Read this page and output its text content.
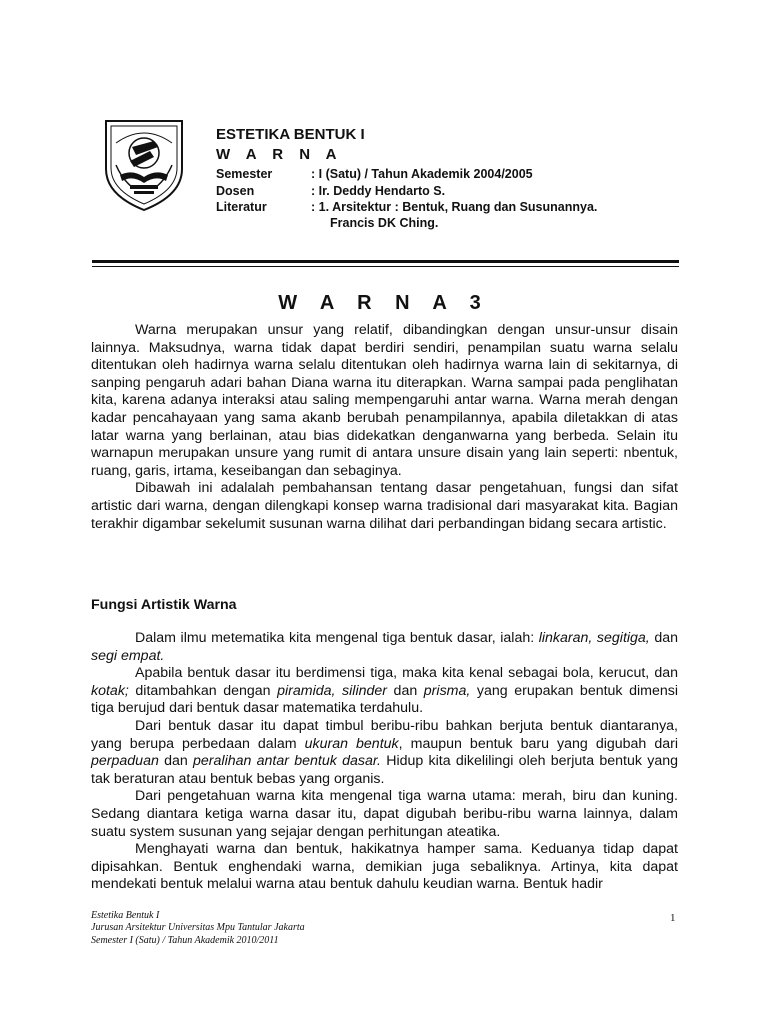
ESTETIKA BENTUK I
W A R N A
Semester	: I (Satu) / Tahun Akademik 2004/2005
Dosen	: Ir. Deddy Hendarto S.
Literatur	: 1. Arsitektur : Bentuk, Ruang dan Susunannya.
Francis DK Ching.
W A R N A 3

Warna merupakan unsur yang relatif, dibandingkan dengan unsur-unsur disain lainnya. Maksudnya, warna tidak dapat berdiri sendiri, penampilan suatu warna selalu ditentukan oleh hadirnya warna selalu ditentukan oleh hadirnya warna lain di sekitarnya, di sanping pengaruh adari bahan Diana warna itu diterapkan. Warna sampai pada penglihatan kita, karena adanya interaksi atau saling mempengaruhi antar warna. Warna merah dengan kadar pencahayaan yang sama akanb berubah penampilannya, apabila diletakkan di atas latar warna yang berlainan, atau bias didekatkan denganwarna yang berbeda. Selain itu warnapun merupakan unsure yang rumit di antara unsure disain yang lain seperti: nbentuk, ruang, garis, irtama, keseibangan dan sebaginya.

Dibawah ini adalalah pembahansan tentang dasar pengetahuan, fungsi dan sifat artistic dari warna, dengan dilengkapi konsep warna tradisional dari masyarakat kita. Bagian terakhir digambar sekelumit susunan warna dilihat dari perbandingan bidang secara artistic.

Fungsi Artistik Warna

Dalam ilmu metematika kita mengenal tiga bentuk dasar, ialah: linkaran, segitiga, dan segi empat.

Apabila bentuk dasar itu berdimensi tiga, maka kita kenal sebagai bola, kerucut, dan kotak; ditambahkan dengan piramida, silinder dan prisma, yang erupakan bentuk dimensi tiga berujud dari bentuk dasar matematika terdahulu.

Dari bentuk dasar itu dapat timbul beribu-ribu bahkan berjuta bentuk diantaranya, yang berupa perbedaan dalam ukuran bentuk, maupun bentuk baru yang digubah dari perpaduan dan peralihan antar bentuk dasar. Hidup kita dikelilingi oleh berjuta bentuk yang tak beraturan atau bentuk bebas yang organis.

Dari pengetahuan warna kita mengenal tiga warna utama: merah, biru dan kuning. Sedang diantara ketiga warna dasar itu, dapat digubah beribu-ribu warna lainnya, dalam suatu system susunan yang sejajar dengan perhitungan ateatika.

Menghayati warna dan bentuk, hakikatnya hamper sama. Keduanya tidap dapat dipisahkan. Bentuk enghendaki warna, demikian juga sebaliknya. Artinya, kita dapat mendekati bentuk melalui warna atau bentuk dahulu keudian warna. Bentuk hadir

Estetika Bentuk I
Jurusan Arsitektur Universitas Mpu Tantular Jakarta
Semester I (Satu) / Tahun Akademik 2010/2011
1
